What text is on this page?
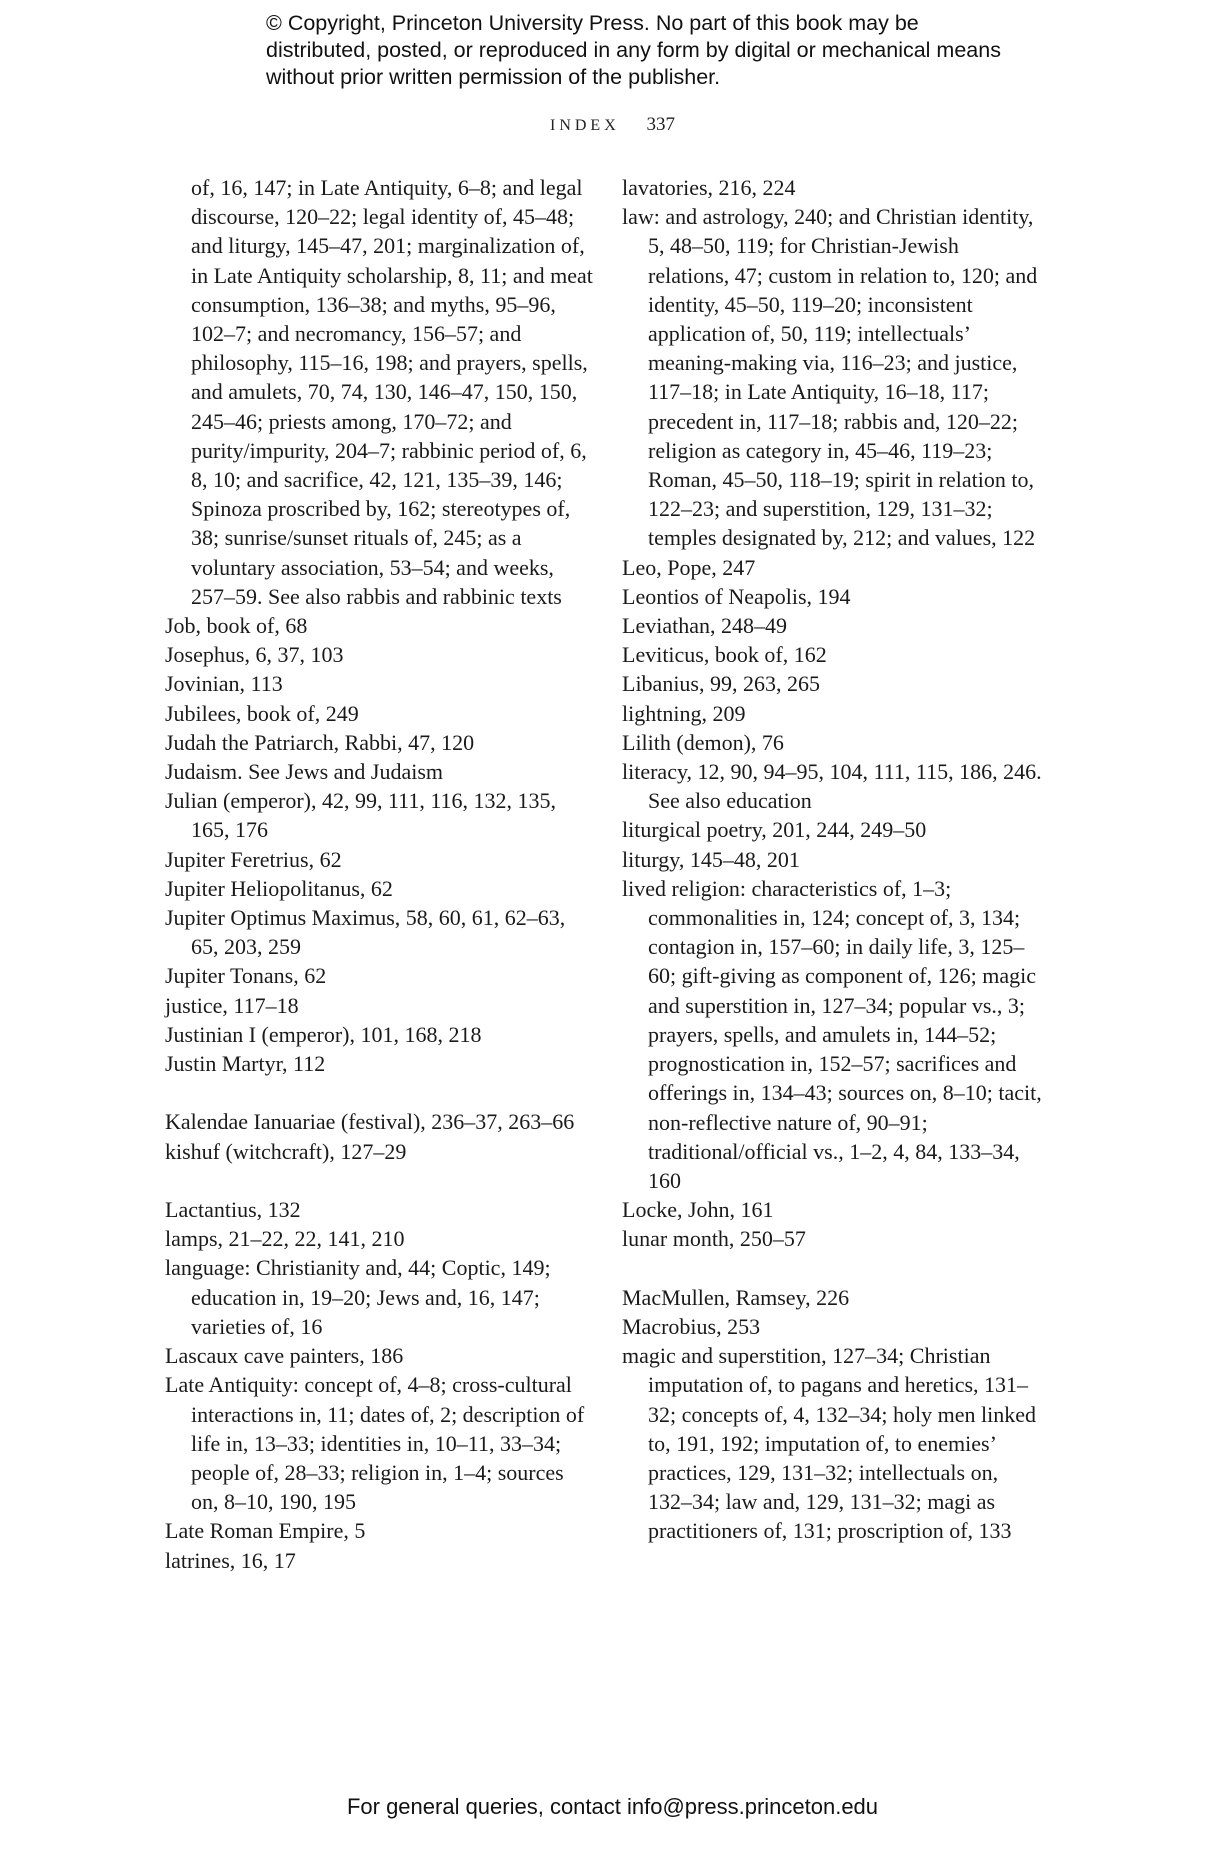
© Copyright, Princeton University Press. No part of this book may be distributed, posted, or reproduced in any form by digital or mechanical means without prior written permission of the publisher.
INDEX 337
of, 16, 147; in Late Antiquity, 6–8; and legal discourse, 120–22; legal identity of, 45–48; and liturgy, 145–47, 201; marginalization of, in Late Antiquity scholarship, 8, 11; and meat consumption, 136–38; and myths, 95–96, 102–7; and necromancy, 156–57; and philosophy, 115–16, 198; and prayers, spells, and amulets, 70, 74, 130, 146–47, 150, 150, 245–46; priests among, 170–72; and purity/impurity, 204–7; rabbinic period of, 6, 8, 10; and sacrifice, 42, 121, 135–39, 146; Spinoza proscribed by, 162; stereotypes of, 38; sunrise/sunset rituals of, 245; as a voluntary association, 53–54; and weeks, 257–59. See also rabbis and rabbinic texts
Job, book of, 68
Josephus, 6, 37, 103
Jovinian, 113
Jubilees, book of, 249
Judah the Patriarch, Rabbi, 47, 120
Judaism. See Jews and Judaism
Julian (emperor), 42, 99, 111, 116, 132, 135, 165, 176
Jupiter Feretrius, 62
Jupiter Heliopolitanus, 62
Jupiter Optimus Maximus, 58, 60, 61, 62–63, 65, 203, 259
Jupiter Tonans, 62
justice, 117–18
Justinian I (emperor), 101, 168, 218
Justin Martyr, 112
Kalendae Ianuariae (festival), 236–37, 263–66
kishuf (witchcraft), 127–29
Lactantius, 132
lamps, 21–22, 22, 141, 210
language: Christianity and, 44; Coptic, 149; education in, 19–20; Jews and, 16, 147; varieties of, 16
Lascaux cave painters, 186
Late Antiquity: concept of, 4–8; cross-cultural interactions in, 11; dates of, 2; description of life in, 13–33; identities in, 10–11, 33–34; people of, 28–33; religion in, 1–4; sources on, 8–10, 190, 195
Late Roman Empire, 5
latrines, 16, 17
lavatories, 216, 224
law: and astrology, 240; and Christian identity, 5, 48–50, 119; for Christian-Jewish relations, 47; custom in relation to, 120; and identity, 45–50, 119–20; inconsistent application of, 50, 119; intellectuals’ meaning-making via, 116–23; and justice, 117–18; in Late Antiquity, 16–18, 117; precedent in, 117–18; rabbis and, 120–22; religion as category in, 45–46, 119–23; Roman, 45–50, 118–19; spirit in relation to, 122–23; and superstition, 129, 131–32; temples designated by, 212; and values, 122
Leo, Pope, 247
Leontios of Neapolis, 194
Leviathan, 248–49
Leviticus, book of, 162
Libanius, 99, 263, 265
lightning, 209
Lilith (demon), 76
literacy, 12, 90, 94–95, 104, 111, 115, 186, 246. See also education
liturgical poetry, 201, 244, 249–50
liturgy, 145–48, 201
lived religion: characteristics of, 1–3; commonalities in, 124; concept of, 3, 134; contagion in, 157–60; in daily life, 3, 125–60; gift-giving as component of, 126; magic and superstition in, 127–34; popular vs., 3; prayers, spells, and amulets in, 144–52; prognostication in, 152–57; sacrifices and offerings in, 134–43; sources on, 8–10; tacit, non-reflective nature of, 90–91; traditional/official vs., 1–2, 4, 84, 133–34, 160
Locke, John, 161
lunar month, 250–57
MacMullen, Ramsey, 226
Macrobius, 253
magic and superstition, 127–34; Christian imputation of, to pagans and heretics, 131–32; concepts of, 4, 132–34; holy men linked to, 191, 192; imputation of, to enemies’ practices, 129, 131–32; intellectuals on, 132–34; law and, 129, 131–32; magi as practitioners of, 131; proscription of, 133
For general queries, contact info@press.princeton.edu
